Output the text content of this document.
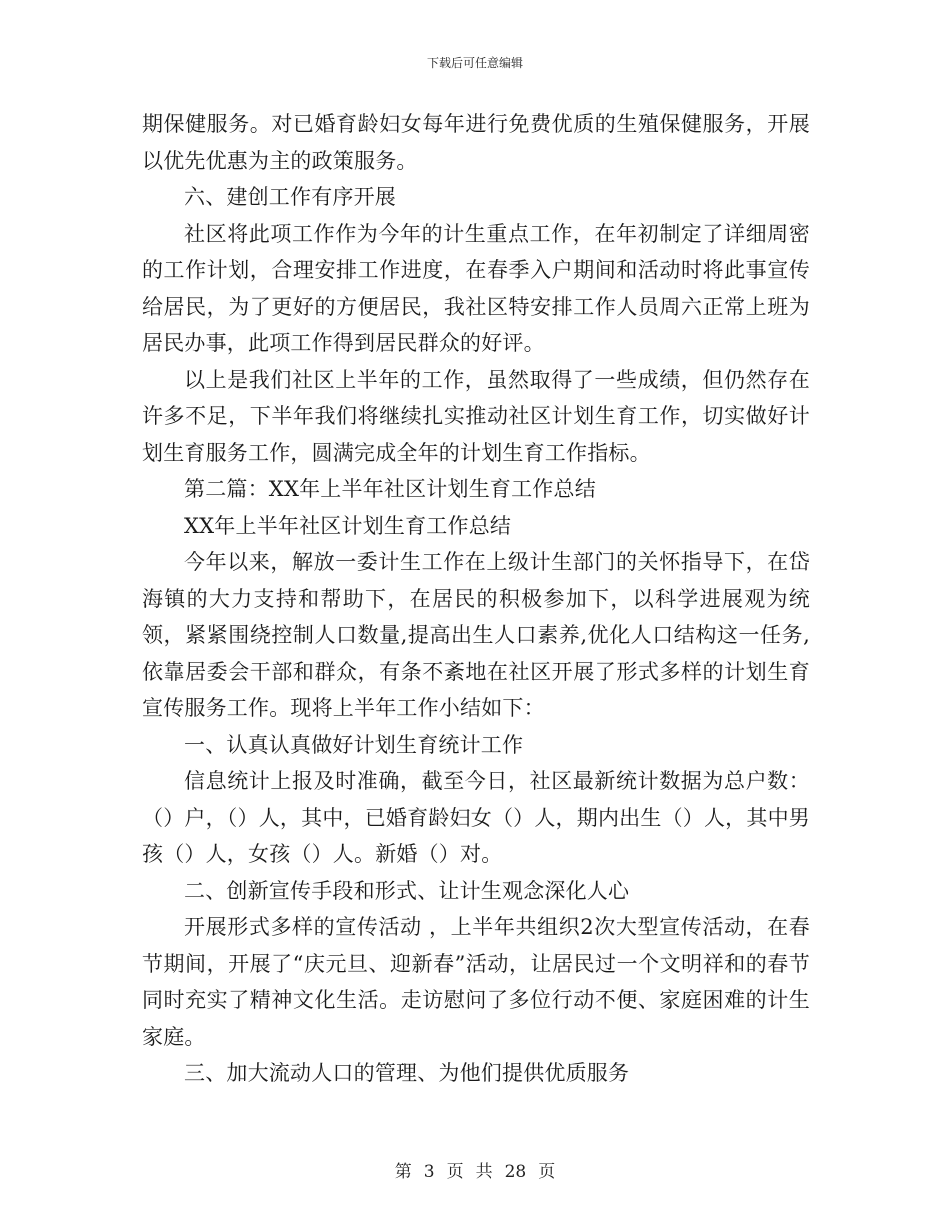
下载后可任意编辑

期保健服务。对已婚育龄妇女每年进行免费优质的生殖保健服务，开展以优先优惠为主的政策服务。

六、建创工作有序开展

社区将此项工作作为今年的计生重点工作，在年初制定了详细周密的工作计划，合理安排工作进度，在春季入户期间和活动时将此事宣传给居民，为了更好的方便居民，我社区特安排工作人员周六正常上班为居民办事，此项工作得到居民群众的好评。

以上是我们社区上半年的工作，虽然取得了一些成绩，但仍然存在许多不足，下半年我们将继续扎实推动社区计划生育工作，切实做好计划生育服务工作，圆满完成全年的计划生育工作指标。

第二篇：XX年上半年社区计划生育工作总结

XX年上半年社区计划生育工作总结

今年以来，解放一委计生工作在上级计生部门的关怀指导下，在岱海镇的大力支持和帮助下，在居民的积极参加下，以科学进展观为统领，紧紧围绕控制人口数量,提高出生人口素养,优化人口结构这一任务,依靠居委会干部和群众，有条不紊地在社区开展了形式多样的计划生育宣传服务工作。现将上半年工作小结如下：

一、认真认真做好计划生育统计工作

信息统计上报及时准确，截至今日，社区最新统计数据为总户数：（）户，（）人，其中，已婚育龄妇女（）人，期内出生（）人，其中男孩（）人，女孩（）人。新婚（）对。

二、创新宣传手段和形式、让计生观念深化人心

开展形式多样的宣传活动 ，上半年共组织2次大型宣传活动，在春节期间，开展了“庆元旦、迎新春”活动，让居民过一个文明祥和的春节同时充实了精神文化生活。走访慰问了多位行动不便、家庭困难的计生家庭。

三、加大流动人口的管理、为他们提供优质服务

第 3 页 共 28 页
